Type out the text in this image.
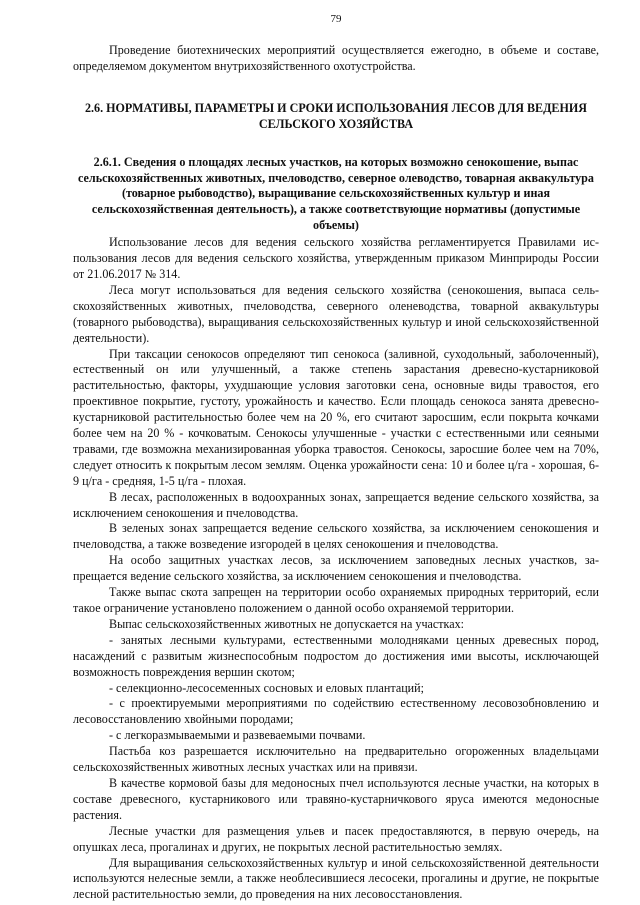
79

Проведение биотехнических мероприятий осуществляется ежегодно, в объеме и составе, определяемом документом внутрихозяйственного охотустройства.

2.6. НОРМАТИВЫ, ПАРАМЕТРЫ И СРОКИ ИСПОЛЬЗОВАНИЯ ЛЕСОВ ДЛЯ ВЕДЕНИЯ СЕЛЬСКОГО ХОЗЯЙСТВА
2.6.1. Сведения о площадях лесных участков, на которых возможно сенокошение, выпас сельскохозяйственных животных, пчеловодство, северное олеводство, товарная аквакультура (товарное рыбоводство), выращивание сельскохозяйственных культур и иная сельскохозяйственная деятельность), а также соответствующие нормативы (допустимые объемы)

Использование лесов для ведения сельского хозяйства регламентируется Правилами использования лесов для ведения сельского хозяйства, утвержденным приказом Минприроды России от 21.06.2017 № 314.

Леса могут использоваться для ведения сельского хозяйства (сенокошения, выпаса сельскохозяйственных животных, пчеловодства, северного оленеводства, товарной аквакультуры (товарного рыбоводства), выращивания сельскохозяйственных культур и иной сельскохозяйственной деятельности).

При таксации сенокосов определяют тип сенокоса (заливной, суходольный, заболоченный), естественный он или улучшенный, а также степень зарастания древесно-кустарниковой растительностью, факторы, ухудшающие условия заготовки сена, основные виды травостоя, его проективное покрытие, густоту, урожайность и качество. Если площадь сенокоса занята древесно-кустарниковой растительностью более чем на 20 %, его считают заросшим, если покрыта кочками более чем на 20 % - кочковатым. Сенокосы улучшенные - участки с естественными или сеяными травами, где возможна механизированная уборка травостоя. Сенокосы, заросшие более чем на 70%, следует относить к покрытым лесом землям. Оценка урожайности сена: 10 и более ц/га - хорошая, 6-9 ц/га - средняя, 1-5 ц/га - плохая.

В лесах, расположенных в водоохранных зонах, запрещается ведение сельского хозяйства, за исключением сенокошения и пчеловодства.

В зеленых зонах запрещается ведение сельского хозяйства, за исключением сенокошения и пчеловодства, а также возведение изгородей в целях сенокошения и пчеловодства.

На особо защитных участках лесов, за исключением заповедных лесных участков, запрещается ведение сельского хозяйства, за исключением сенокошения и пчеловодства.

Также выпас скота запрещен на территории особо охраняемых природных территорий, если такое ограничение установлено положением о данной особо охраняемой территории.

Выпас сельскохозяйственных животных не допускается на участках:

- занятых лесными культурами, естественными молодняками ценных древесных пород, насаждений с развитым жизнеспособным подростом до достижения ими высоты, исключающей возможность повреждения вершин скотом;

- селекционно-лесосеменных сосновых и еловых плантаций;

- с проектируемыми мероприятиями по содействию естественному лесовозобновлению и лесовосстановлению хвойными породами;

- с легкоразмываемыми и развеваемыми почвами.

Пастьба коз разрешается исключительно на предварительно огороженных владельцами сельскохозяйственных животных лесных участках или на привязи.

В качестве кормовой базы для медоносных пчел используются лесные участки, на которых в составе древесного, кустарникового или травяно-кустарничкового яруса имеются медоносные растения.

Лесные участки для размещения ульев и пасек предоставляются, в первую очередь, на опушках леса, прогалинах и других, не покрытых лесной растительностью землях.

Для выращивания сельскохозяйственных культур и иной сельскохозяйственной деятельности используются нелесные земли, а также необлесившиеся лесосеки, прогалины и другие, не покрытые лесной растительностью земли, до проведения на них лесовосстановления.
